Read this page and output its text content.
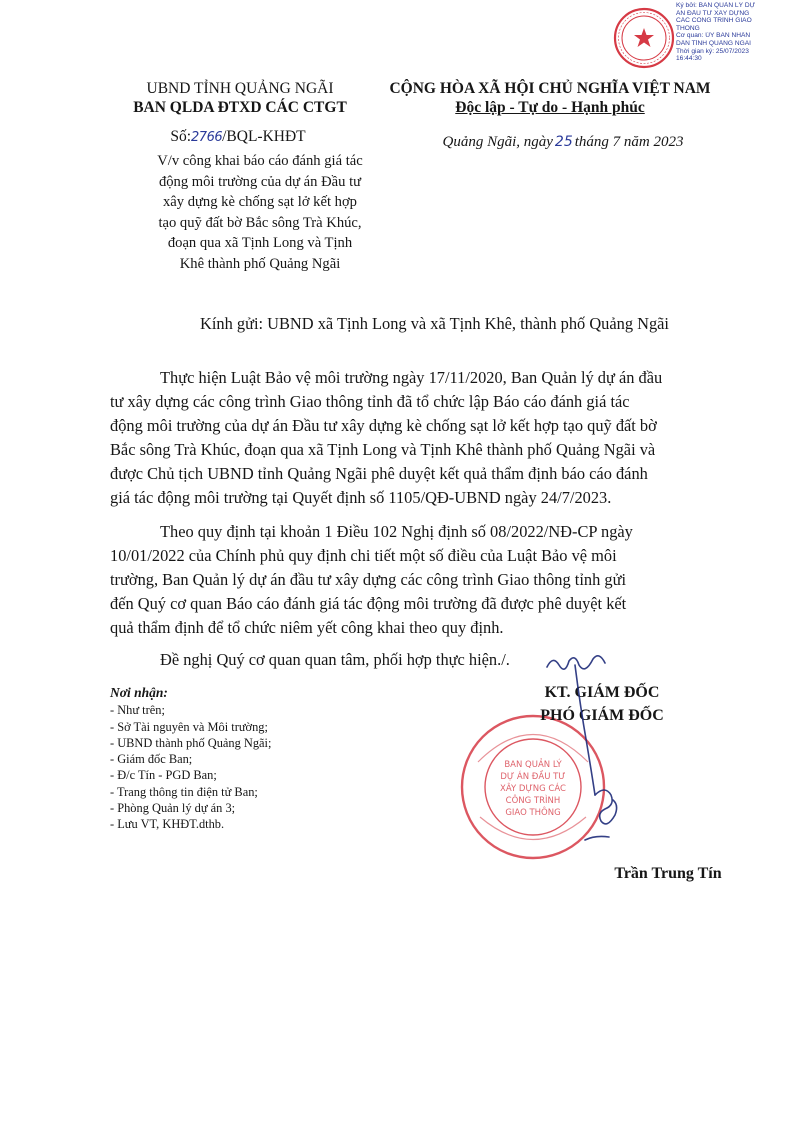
Ký bởi: BAN QUẢN LÝ DỰ
ÁN ĐẦU TƯ XÂY DỰNG
CÁC CÔNG TRÌNH GIAO
THÔNG
Cơ quan: ỦY BAN NHÂN
DÂN TỈNH QUẢNG NGÃI
Thời gian ký: 25/07/2023
16:44:30
UBND TỈNH QUẢNG NGÃI
BAN QLDA ĐTXD CÁC CTGT
Số:2766/BQL-KHĐT
V/v công khai báo cáo đánh giá tác
động môi trường của dự án Đầu tư
xây dựng kè chống sạt lở kết hợp
tạo quỹ đất bờ Bắc sông Trà Khúc,
đoạn qua xã Tịnh Long và Tịnh
Khê thành phố Quảng Ngãi
CỘNG HÒA XÃ HỘI CHỦ NGHĨA VIỆT NAM
Độc lập - Tự do - Hạnh phúc
Quảng Ngãi, ngày 25 tháng 7 năm 2023
Kính gửi: UBND xã Tịnh Long và xã Tịnh Khê, thành phố Quảng Ngãi
Thực hiện Luật Bảo vệ môi trường ngày 17/11/2020, Ban Quản lý dự án đầu
tư xây dựng các công trình Giao thông tỉnh đã tổ chức lập Báo cáo đánh giá tác
động môi trường của dự án Đầu tư xây dựng kè chống sạt lở kết hợp tạo quỹ đất bờ
Bắc sông Trà Khúc, đoạn qua xã Tịnh Long và Tịnh Khê thành phố Quảng Ngãi và
được Chủ tịch UBND tỉnh Quảng Ngãi phê duyệt kết quả thẩm định báo cáo đánh
giá tác động môi trường tại Quyết định số 1105/QĐ-UBND ngày 24/7/2023.
Theo quy định tại khoản 1 Điều 102 Nghị định số 08/2022/NĐ-CP ngày
10/01/2022 của Chính phủ quy định chi tiết một số điều của Luật Bảo vệ môi
trường, Ban Quản lý dự án đầu tư xây dựng các công trình Giao thông tỉnh gửi
đến Quý cơ quan Báo cáo đánh giá tác động môi trường đã được phê duyệt kết
quả thẩm định để tổ chức niêm yết công khai theo quy định.
Đề nghị Quý cơ quan quan tâm, phối hợp thực hiện./.
Nơi nhận:
- Như trên;
- Sở Tài nguyên và Môi trường;
- UBND thành phố Quảng Ngãi;
- Giám đốc Ban;
- Đ/c Tín - PGD Ban;
- Trang thông tin điện tử Ban;
- Phòng Quản lý dự án 3;
- Lưu VT, KHĐT.dthb.
BAN QUẢN LÝ
DỰ ÁN ĐẦU TƯ
XÂY DỰNG CÁC
CÔNG TRÌNH
GIAO THÔNG
KT. GIÁM ĐỐC
PHÓ GIÁM ĐỐC
Trần Trung Tín
